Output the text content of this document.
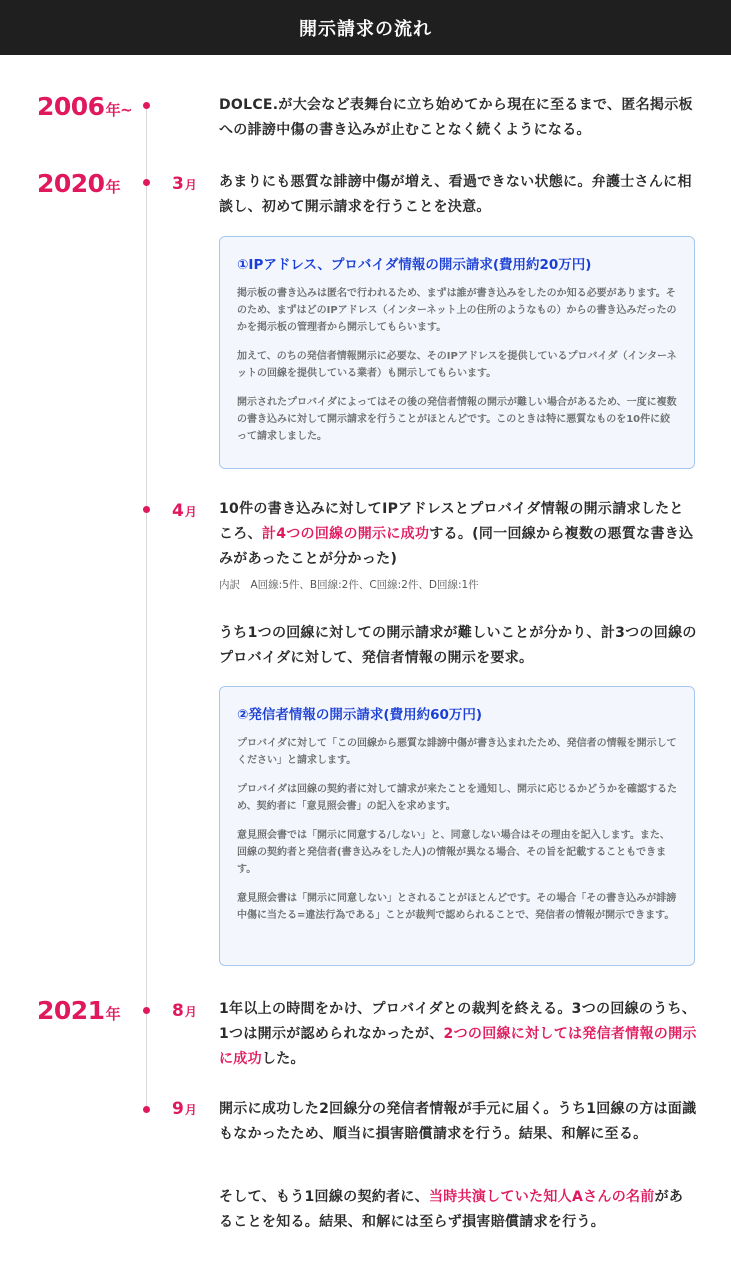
開示請求の流れ
2006年~	DOLCE.が大会など表舞台に立ち始めてから現在に至るまで、匿名掲示板への誹謗中傷の書き込みが止むことなく続くようになる。
2020年	3月 あまりにも悪質な誹謗中傷が増え、看過できない状態に。弁護士さんに相談し、初めて開示請求を行うことを決意。
①IPアドレス、プロバイダ情報の開示請求(費用約20万円)

掲示板の書き込みは匿名で行われるため、まずは誰が書き込みをしたのか知る必要があります。そのため、まずはどのIPアドレス（インターネット上の住所のようなもの）からの書き込みだったのかを掲示板の管理者から開示してもらいます。

加えて、のちの発信者情報開示に必要な、そのIPアドレスを提供しているプロバイダ（インターネットの回線を提供している業者）も開示してもらいます。

開示されたプロバイダによってはその後の発信者情報の開示が難しい場合があるため、一度に複数の書き込みに対して開示請求を行うことがほとんどです。このときは特に悪質なものを10件に絞って請求しました。

4月 10件の書き込みに対してIPアドレスとプロバイダ情報の開示請求したところ、計4つの回線の開示に成功する。(同一回線から複数の悪質な書き込みがあったことが分かった)
内訳　A回線:5件、B回線:2件、C回線:2件、D回線:1件
うち1つの回線に対しての開示請求が難しいことが分かり、計3つの回線のプロバイダに対して、発信者情報の開示を要求。
②発信者情報の開示請求(費用約60万円)

プロバイダに対して「この回線から悪質な誹謗中傷が書き込まれたため、発信者の情報を開示してください」と請求します。

プロバイダは回線の契約者に対して請求が来たことを通知し、開示に応じるかどうかを確認するため、契約者に「意見照会書」の記入を求めます。

意見照会書では「開示に同意する/しない」と、同意しない場合はその理由を記入します。また、回線の契約者と発信者(書き込みをした人)の情報が異なる場合、その旨を記載することもできます。

意見照会書は「開示に同意しない」とされることがほとんどです。その場合「その書き込みが誹謗中傷に当たる=違法行為である」ことが裁判で認められることで、発信者の情報が開示できます。

2021年	8月 1年以上の時間をかけ、プロバイダとの裁判を終える。3つの回線のうち、1つは開示が認められなかったが、2つの回線に対しては発信者情報の開示に成功した。
9月 開示に成功した2回線分の発信者情報が手元に届く。うち1回線の方は面識もなかったため、順当に損害賠償請求を行う。結果、和解に至る。
そして、もう1回線の契約者に、当時共演していた知人Aさんの名前があることを知る。結果、和解には至らず損害賠償請求を行う。
